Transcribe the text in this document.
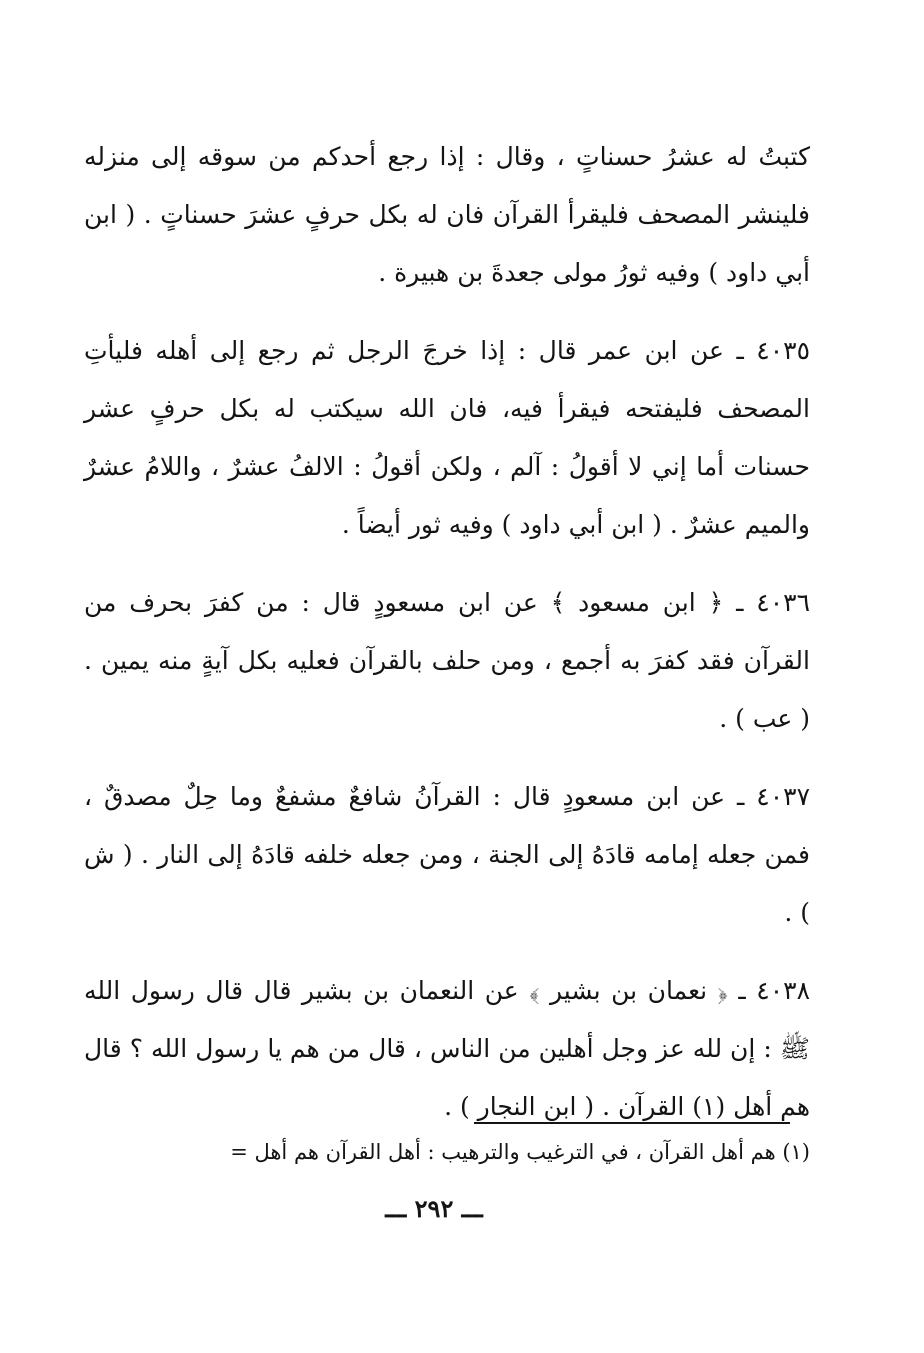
كتبتُ له عشرُ حسناتٍ ، وقال : إذا رجع أحدكم من سوقه إلى منزله فلينشر المصحف فليقرأ القرآن فان له بكل حرفٍ عشرَ حسناتٍ . ( ابن أبي داود ) وفيه ثورُ مولى جعدةَ بن هبيرة .

٤٠٣٥ ـ عن ابن عمر قال : إذا خرجَ الرجل ثم رجع إلى أهله فليأتِ المصحف فليفتحه فيقرأ فيه، فان الله سيكتب له بكل حرفٍ عشر حسنات أما إني لا أقولُ : آلم ، ولكن أقولُ : الالفُ عشرٌ ، واللامُ عشرٌ والميم عشرٌ . ( ابن أبي داود ) وفيه ثور أيضاً .

٤٠٣٦ ـ ﴿ ابن مسعود ﴾ عن ابن مسعودٍ قال : من كفرَ بحرف من القرآن فقد كفرَ به أجمع ، ومن حلف بالقرآن فعليه بكل آيةٍ منه يمين . ( عب ) .

٤٠٣٧ ـ عن ابن مسعودٍ قال : القرآنُ شافعٌ مشفعٌ وما حِلٌ مصدقٌ ، فمن جعله إمامه قادَهُ إلى الجنة ، ومن جعله خلفه قادَهُ إلى النار . ( ش ) .

٤٠٣٨ ـ ﴿ نعمان بن بشير ﴾ عن النعمان بن بشير قال قال رسول الله ﷺ : إن لله عز وجل أهلين من الناس ، قال من هم يا رسول الله ؟ قال هم أهل (١) القرآن . ( ابن النجار ) .

(١) هم أهل القرآن ، في الترغيب والترهيب : أهل القرآن هم أهل =
ـــ ٢٩٢ ـــ
